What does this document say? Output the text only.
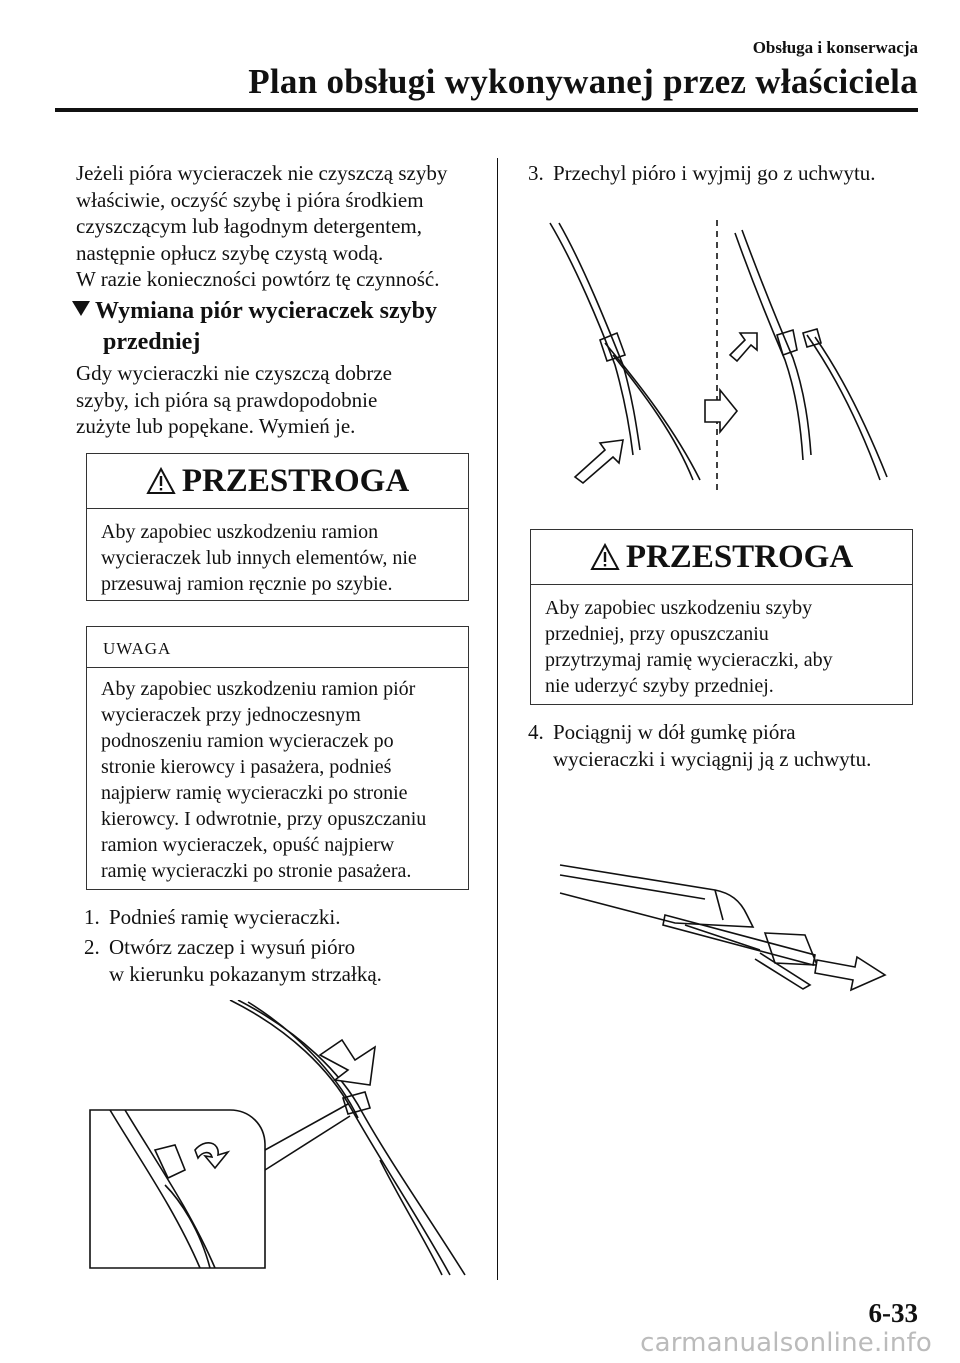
Obsługa i konserwacja
Plan obsługi wykonywanej przez właściciela
Jeżeli pióra wycieraczek nie czyszczą szyby
właściwie, oczyść szybę i pióra środkiem
czyszczącym lub łagodnym detergentem,
następnie opłucz szybę czystą wodą.
W razie konieczności powtórz tę czynność.
Wymiana piór wycieraczek szyby
przedniej
Gdy wycieraczki nie czyszczą dobrze
szyby, ich pióra są prawdopodobnie
zużyte lub popękane. Wymień je.
PRZESTROGA
Aby zapobiec uszkodzeniu ramion
wycieraczek lub innych elementów, nie
przesuwaj ramion ręcznie po szybie.
UWAGA
Aby zapobiec uszkodzeniu ramion piór
wycieraczek przy jednoczesnym
podnoszeniu ramion wycieraczek po
stronie kierowcy i pasażera, podnieś
najpierw ramię wycieraczki po stronie
kierowcy. I odwrotnie, przy opuszczaniu
ramion wycieraczek, opuść najpierw
ramię wycieraczki po stronie pasażera.
1. Podnieś ramię wycieraczki.
2. Otwórz zaczep i wysuń pióro
w kierunku pokazanym strzałką.
3. Przechyl pióro i wyjmij go z uchwytu.
PRZESTROGA
Aby zapobiec uszkodzeniu szyby
przedniej, przy opuszczaniu
przytrzymaj ramię wycieraczki, aby
nie uderzyć szyby przedniej.
4. Pociągnij w dół gumkę pióra
wycieraczki i wyciągnij ją z uchwytu.
6-33
carmanualsonline.info
